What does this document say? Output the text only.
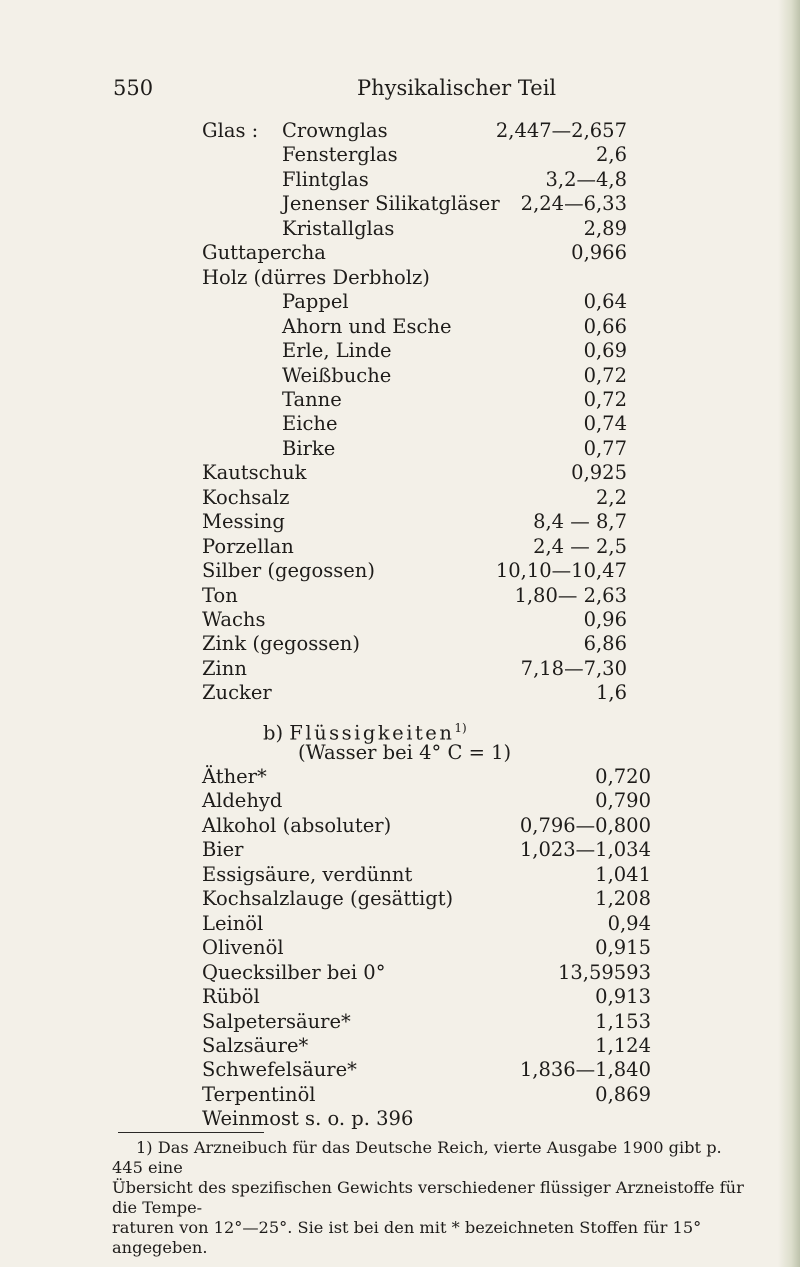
550	Physikalischer Teil
Glas : Crownglas	2,447—2,657
Fensterglas	2,6
Flintglas	3,2—4,8
Jenenser Silikatgläser 2,24—6,33
Kristallglas	2,89
Guttapercha	0,966
Holz (dürres Derbholz)
Pappel	0,64
Ahorn und Esche	0,66
Erle, Linde	0,69
Weißbuche	0,72
Tanne	0,72
Eiche	0,74
Birke	0,77
Kautschuk	0,925
Kochsalz	2,2
Messing	8,4 — 8,7
Porzellan	2,4 — 2,5
Silber (gegossen)	10,10—10,47
Ton	1,80— 2,63
Wachs	0,96
Zink (gegossen)	6,86
Zinn	7,18—7,30
Zucker	1,6
b) Flüssigkeiten$^{1)}$
(Wasser bei 4° C = 1)
Äther*	0,720
Aldehyd	0,790
Alkohol (absoluter)	0,796—0,800
Bier	1,023—1,034
Essigsäure, verdünnt	1,041
Kochsalzlauge (gesättigt)	1,208
Leinöl	0,94
Olivenöl	0,915
Quecksilber bei 0°	13,59593
Rüböl	0,913
Salpetersäure*	1,153
Salzsäure*	1,124
Schwefelsäure*	1,836—1,840
Terpentinöl	0,869
Weinmost s. o. p. 396

1) Das Arzneibuch für das Deutsche Reich, vierte Ausgabe 1900 gibt p. 445 eine

Übersicht des spezifischen Gewichts verschiedener flüssiger Arzneistoffe für die Tempe-

raturen von 12°—25°. Sie ist bei den mit * bezeichneten Stoffen für 15° angegeben.
